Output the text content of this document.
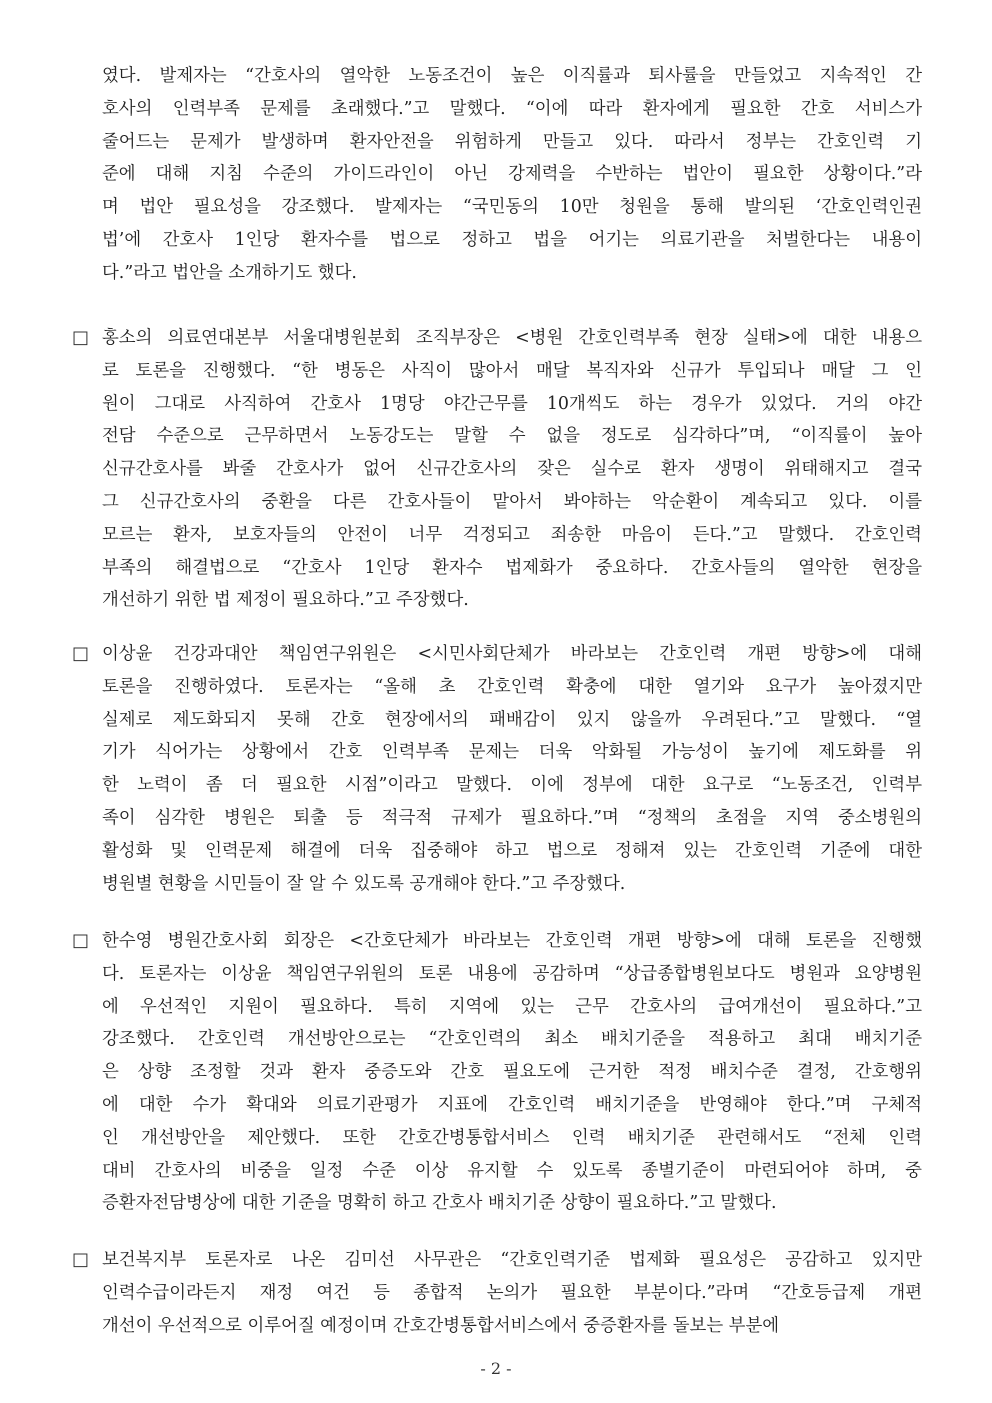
였다. 발제자는 “간호사의 열악한 노동조건이 높은 이직률과 퇴사률을 만들었고 지속적인 간
호사의 인력부족 문제를 초래했다.”고 말했다. “이에 따라 환자에게 필요한 간호 서비스가
줄어드는 문제가 발생하며 환자안전을 위험하게 만들고 있다. 따라서 정부는 간호인력 기
준에 대해 지침 수준의 가이드라인이 아닌 강제력을 수반하는 법안이 필요한 상황이다.”라
며 법안 필요성을 강조했다. 발제자는 “국민동의 10만 청원을 통해 발의된 ‘간호인력인권
법’에 간호사 1인당 환자수를 법으로 정하고 법을 어기는 의료기관을 처벌한다는 내용이
다.”라고 법안을 소개하기도 했다.
□ 홍소의 의료연대본부 서울대병원분회 조직부장은 <병원 간호인력부족 현장 실태>에 대한 내용으
로 토론을 진행했다. “한 병동은 사직이 많아서 매달 복직자와 신규가 투입되나 매달 그 인
원이 그대로 사직하여 간호사 1명당 야간근무를 10개씩도 하는 경우가 있었다. 거의 야간
전담 수준으로 근무하면서 노동강도는 말할 수 없을 정도로 심각하다”며, “이직률이 높아
신규간호사를 봐줄 간호사가 없어 신규간호사의 잦은 실수로 환자 생명이 위태해지고 결국
그 신규간호사의 중환을 다른 간호사들이 맡아서 봐야하는 악순환이 계속되고 있다. 이를
모르는 환자, 보호자들의 안전이 너무 걱정되고 죄송한 마음이 든다.”고 말했다. 간호인력
부족의 해결법으로 “간호사 1인당 환자수 법제화가 중요하다. 간호사들의 열악한 현장을
개선하기 위한 법 제정이 필요하다.”고 주장했다.
□ 이상윤 건강과대안 책임연구위원은 <시민사회단체가 바라보는 간호인력 개편 방향>에 대해
토론을 진행하였다. 토론자는 “올해 초 간호인력 확충에 대한 열기와 요구가 높아졌지만
실제로 제도화되지 못해 간호 현장에서의 패배감이 있지 않을까 우려된다.”고 말했다. “열
기가 식어가는 상황에서 간호 인력부족 문제는 더욱 악화될 가능성이 높기에 제도화를 위
한 노력이 좀 더 필요한 시점”이라고 말했다. 이에 정부에 대한 요구로 “노동조건, 인력부
족이 심각한 병원은 퇴출 등 적극적 규제가 필요하다.”며 “정책의 초점을 지역 중소병원의
활성화 및 인력문제 해결에 더욱 집중해야 하고 법으로 정해져 있는 간호인력 기준에 대한
병원별 현황을 시민들이 잘 알 수 있도록 공개해야 한다.”고 주장했다.
□ 한수영 병원간호사회 회장은 <간호단체가 바라보는 간호인력 개편 방향>에 대해 토론을 진행했
다. 토론자는 이상윤 책임연구위원의 토론 내용에 공감하며 “상급종합병원보다도 병원과 요양병원
에 우선적인 지원이 필요하다. 특히 지역에 있는 근무 간호사의 급여개선이 필요하다.”고
강조했다. 간호인력 개선방안으로는 “간호인력의 최소 배치기준을 적용하고 최대 배치기준
은 상향 조정할 것과 환자 중증도와 간호 필요도에 근거한 적정 배치수준 결정, 간호행위
에 대한 수가 확대와 의료기관평가 지표에 간호인력 배치기준을 반영해야 한다.”며 구체적
인 개선방안을 제안했다. 또한 간호간병통합서비스 인력 배치기준 관련해서도 “전체 인력
대비 간호사의 비중을 일정 수준 이상 유지할 수 있도록 종별기준이 마련되어야 하며, 중
증환자전담병상에 대한 기준을 명확히 하고 간호사 배치기준 상향이 필요하다.”고 말했다.
□ 보건복지부 토론자로 나온 김미선 사무관은 “간호인력기준 법제화 필요성은 공감하고 있지만
인력수급이라든지 재정 여건 등 종합적 논의가 필요한 부분이다.”라며 “간호등급제 개편
개선이 우선적으로 이루어질 예정이며 간호간병통합서비스에서 중증환자를 돌보는 부분에
- 2 -
